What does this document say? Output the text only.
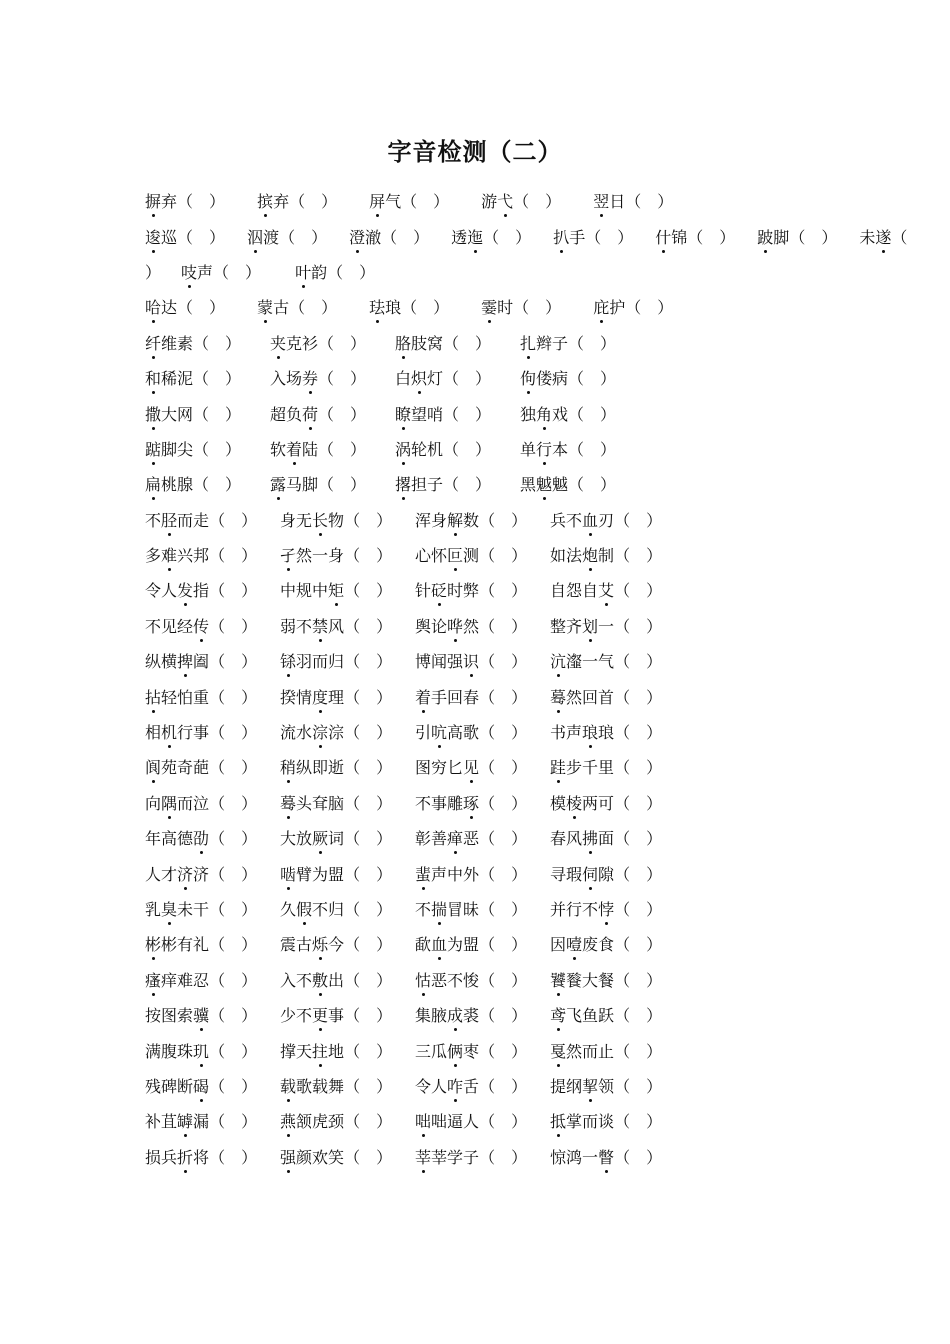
字音检测（二）
摒弃（　） 摈弃（　） 屏气（　） 游弋（　） 翌日（　）
逡巡（　） 泅渡（　） 澄澈（　） 透迤（　） 扒手（　） 什锦（　） 跛脚（　） 未遂（
） 吱声（　） 叶韵（　）
哈达（　） 蒙古（　） 珐琅（　） 霎时（　） 庇护（　）
纤维素（　）	夹克衫（　）	胳肢窝（　）	扎辫子（　）
和稀泥（　）	入场券（　）	白炽灯（　）	佝偻病（　）
撒大网（　）	超负荷（　）	瞭望哨（　）	独角戏（　）
踮脚尖（　）	软着陆（　）	涡轮机（　）	单行本（　）
扁桃腺（　）	露马脚（　）	撂担子（　）	黑魆魆（　）
不胫而走（　）	身无长物（　）	浑身解数（　）	兵不血刃（　）
多难兴邦（　）	孑然一身（　）	心怀叵测（　）	如法炮制（　）
令人发指（　）	中规中矩（　）	针砭时弊（　）	自怨自艾（　）
不见经传（　）	弱不禁风（　）	舆论哗然（　）	整齐划一（　）
纵横捭阖（　）	铩羽而归（　）	博闻强识（　）	沆瀣一气（　）
拈轻怕重（　）	揆情度理（　）	着手回春（　）	蓦然回首（　）
相机行事（　）	流水淙淙（　）	引吭高歌（　）	书声琅琅（　）
阆苑奇葩（　）	稍纵即逝（　）	图穷匕见（　）	跬步千里（　）
向隅而泣（　）	蓦头耷脑（　）	不事雕琢（　）	模棱两可（　）
年高德劭（　）	大放厥词（　）	彰善瘅恶（　）	春风拂面（　）
人才济济（　）	啮臂为盟（　）	蜚声中外（　）	寻瑕伺隙（　）
乳臭未干（　）	久假不归（　）	不揣冒昧（　）	并行不悖（　）
彬彬有礼（　）	震古烁今（　）	歃血为盟（　）	因噎废食（　）
瘙痒难忍（　）	入不敷出（　）	怙恶不悛（　）	饕餮大餐（　）
按图索骥（　）	少不更事（　）	集腋成裘（　）	鸢飞鱼跃（　）
满腹珠玑（　）	撑天拄地（　）	三瓜俩枣（　）	戛然而止（　）
残碑断碣（　）	载歌载舞（　）	令人咋舌（　）	提纲挈领（　）
补苴罅漏（　）	燕颔虎颈（　）	咄咄逼人（　）	抵掌而谈（　）
损兵折将（　）	强颜欢笑（　）	莘莘学子（　）	惊鸿一瞥（　）
